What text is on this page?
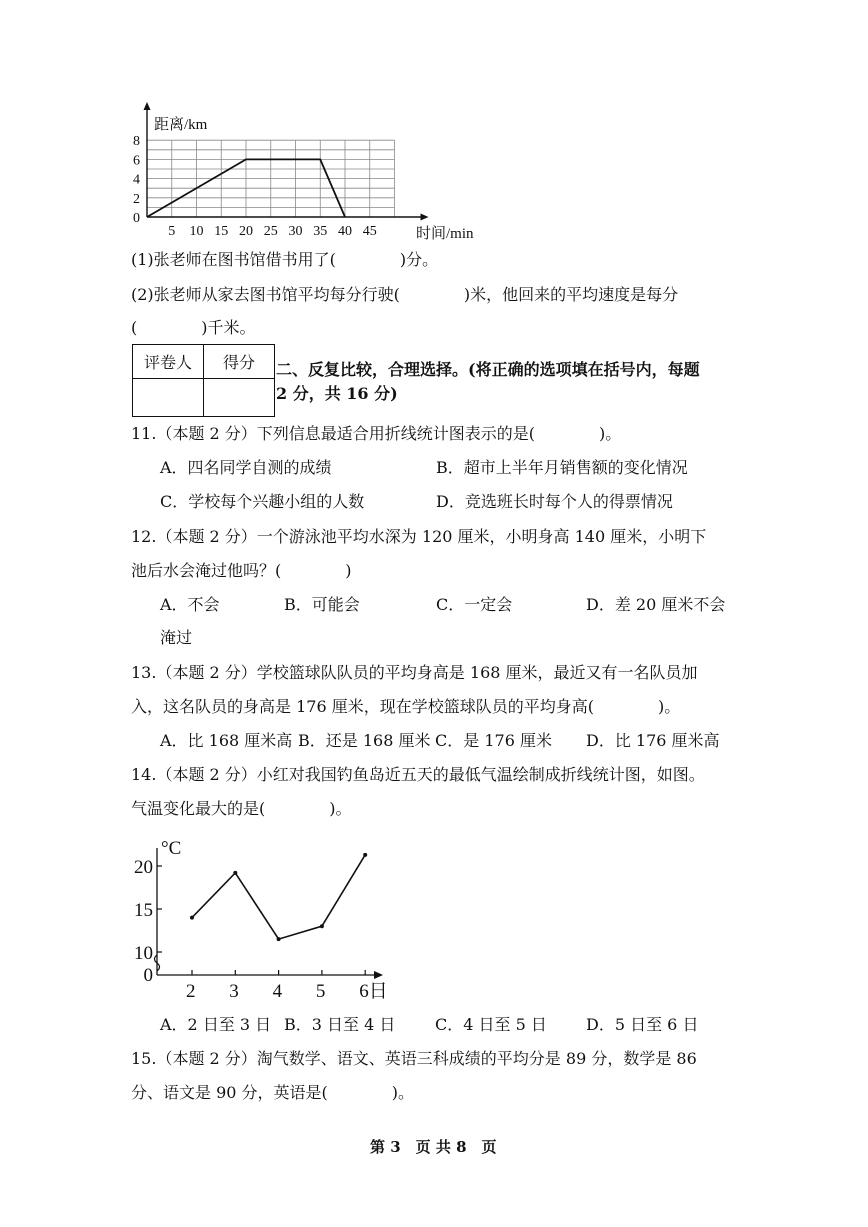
距离/km
时间/min
5 10 15 20 25 30 35 40 45
0
2
4
6
8
(1)张老师在图书馆借书用了(　　　　)分。
(2)张老师从家去图书馆平均每分行驶(　　　　)米，他回来的平均速度是每分
(　　　　)千米。
评卷人	得分
	二、反复比较，合理选择。(将正确的选项填在括号内，每题
2 分，共 16 分)
11.（本题 2 分）下列信息最适合用折线统计图表示的是(　　　　)。
A．四名同学自测的成绩	B．超市上半年月销售额的变化情况
C．学校每个兴趣小组的人数	D．竞选班长时每个人的得票情况
12.（本题 2 分）一个游泳池平均水深为 120 厘米，小明身高 140 厘米，小明下
池后水会淹过他吗？(　　　　)
A．不会	B．可能会	C．一定会	D．差 20 厘米不会
淹过
13.（本题 2 分）学校篮球队队员的平均身高是 168 厘米，最近又有一名队员加
入，这名队员的身高是 176 厘米，现在学校篮球队员的平均身高(　　　　)。
A．比 168 厘米高 B．还是 168 厘米 C．是 176 厘米 D．比 176 厘米高
14.（本题 2 分）小红对我国钓鱼岛近五天的最低气温绘制成折线统计图，如图。
气温变化最大的是(　　　　)。
°C
2 3 4 5 6日
0
10
15
20
A．2 日至 3 日 B．3 日至 4 日 C．4 日至 5 日 D．5 日至 6 日
15.（本题 2 分）淘气数学、语文、英语三科成绩的平均分是 89 分，数学是 86
分、语文是 90 分，英语是(　　　　)。
第 3　页 共 8　页
